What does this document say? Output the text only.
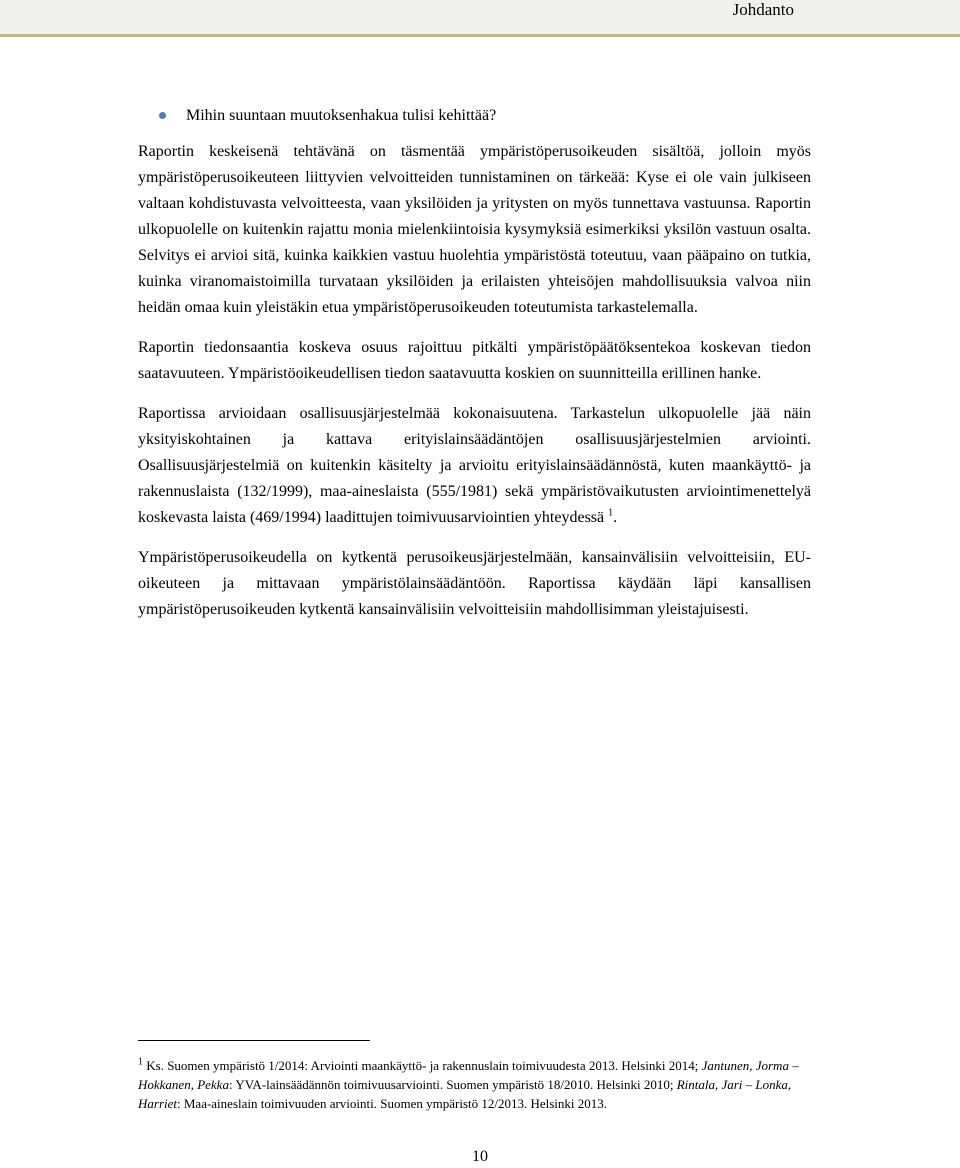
Johdanto
Mihin suuntaan muutoksenhakua tulisi kehittää?

Raportin keskeisenä tehtävänä on täsmentää ympäristöperusoikeuden sisältöä, jolloin myös ympäristöperusoikeuteen liittyvien velvoitteiden tunnistaminen on tärkeää: Kyse ei ole vain julkiseen valtaan kohdistuvasta velvoitteesta, vaan yksilöiden ja yritysten on myös tunnettava vastuunsa. Raportin ulkopuolelle on kuitenkin rajattu monia mielenkiintoisia kysymyksiä esimerkiksi yksilön vastuun osalta. Selvitys ei arvioi sitä, kuinka kaikkien vastuu huolehtia ympäristöstä toteutuu, vaan pääpaino on tutkia, kuinka viranomaistoimilla turvataan yksilöiden ja erilaisten yhteisöjen mahdollisuuksia valvoa niin heidän omaa kuin yleistäkin etua ympäristöperusoikeuden toteutumista tarkastelemalla.

Raportin tiedonsaantia koskeva osuus rajoittuu pitkälti ympäristöpäätöksentekoa koskevan tiedon saatavuuteen. Ympäristöoikeudellisen tiedon saatavuutta koskien on suunnitteilla erillinen hanke.

Raportissa arvioidaan osallisuusjärjestelmää kokonaisuutena. Tarkastelun ulkopuolelle jää näin yksityiskohtainen ja kattava erityislainsäädäntöjen osallisuusjärjestelmien arviointi. Osallisuusjärjestelmiä on kuitenkin käsitelty ja arvioitu erityislainsäädännöstä, kuten maankäyttö- ja rakennuslaista (132/1999), maa-aineslaista (555/1981) sekä ympäristövaikutusten arviointimenettelyä koskevasta laista (469/1994) laadittujen toimivuusarviointien yhteydessä $^1$.

Ympäristöperusoikeudella on kytkentä perusoikeusjärjestelmään, kansainvälisiin velvoitteisiin, EU-oikeuteen ja mittavaan ympäristölainsäädäntöön. Raportissa käydään läpi kansallisen ympäristöperusoikeuden kytkentä kansainvälisiin velvoitteisiin mahdollisimman yleistajuisesti.

$^1$ Ks. Suomen ympäristö 1/2014: Arviointi maankäyttö- ja rakennuslain toimivuudesta 2013. Helsinki 2014; Jantunen, Jorma – Hokkanen, Pekka: YVA-lainsäädännön toimivuusarviointi. Suomen ympäristö 18/2010. Helsinki 2010; Rintala, Jari – Lonka, Harriet: Maa-aineslain toimivuuden arviointi. Suomen ympäristö 12/2013. Helsinki 2013.

10
